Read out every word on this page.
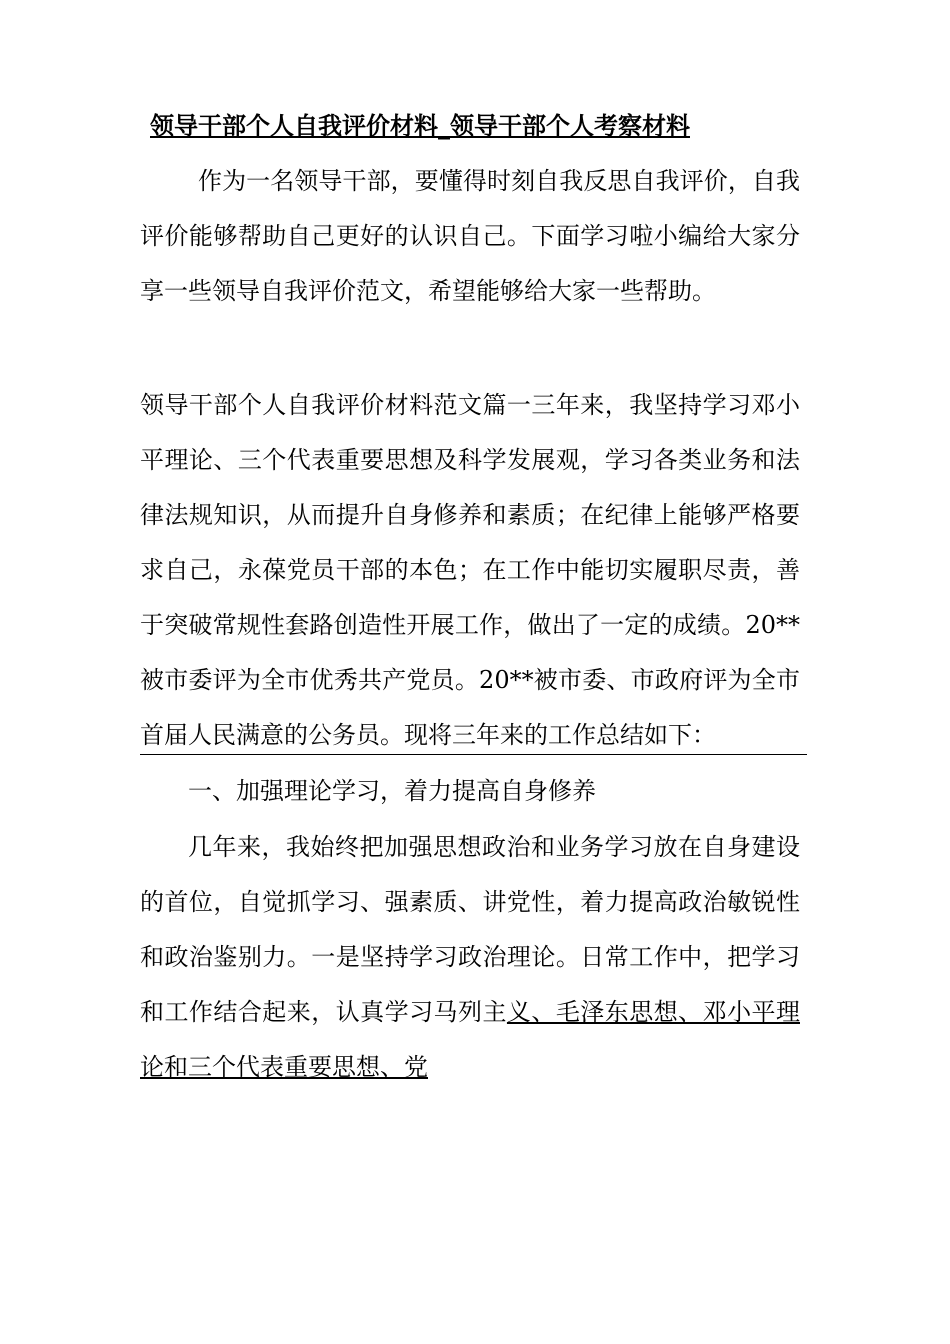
领导干部个人自我评价材料_领导干部个人考察材料

作为一名领导干部，要懂得时刻自我反思自我评价，自我评价能够帮助自己更好的认识自己。下面学习啦小编给大家分享一些领导自我评价范文，希望能够给大家一些帮助。

领导干部个人自我评价材料范文篇一三年来，我坚持学习邓小平理论、三个代表重要思想及科学发展观，学习各类业务和法律法规知识，从而提升自身修养和素质；在纪律上能够严格要求自己，永葆党员干部的本色；在工作中能切实履职尽责，善于突破常规性套路创造性开展工作，做出了一定的成绩。20**被市委评为全市优秀共产党员。20**被市委、市政府评为全市首届人民满意的公务员。现将三年来的工作总结如下：

一、加强理论学习，着力提高自身修养

几年来，我始终把加强思想政治和业务学习放在自身建设的首位，自觉抓学习、强素质、讲党性，着力提高政治敏锐性和政治鉴别力。一是坚持学习政治理论。日常工作中，把学习和工作结合起来，认真学习马列主义、毛泽东思想、邓小平理论和三个代表重要思想、党
